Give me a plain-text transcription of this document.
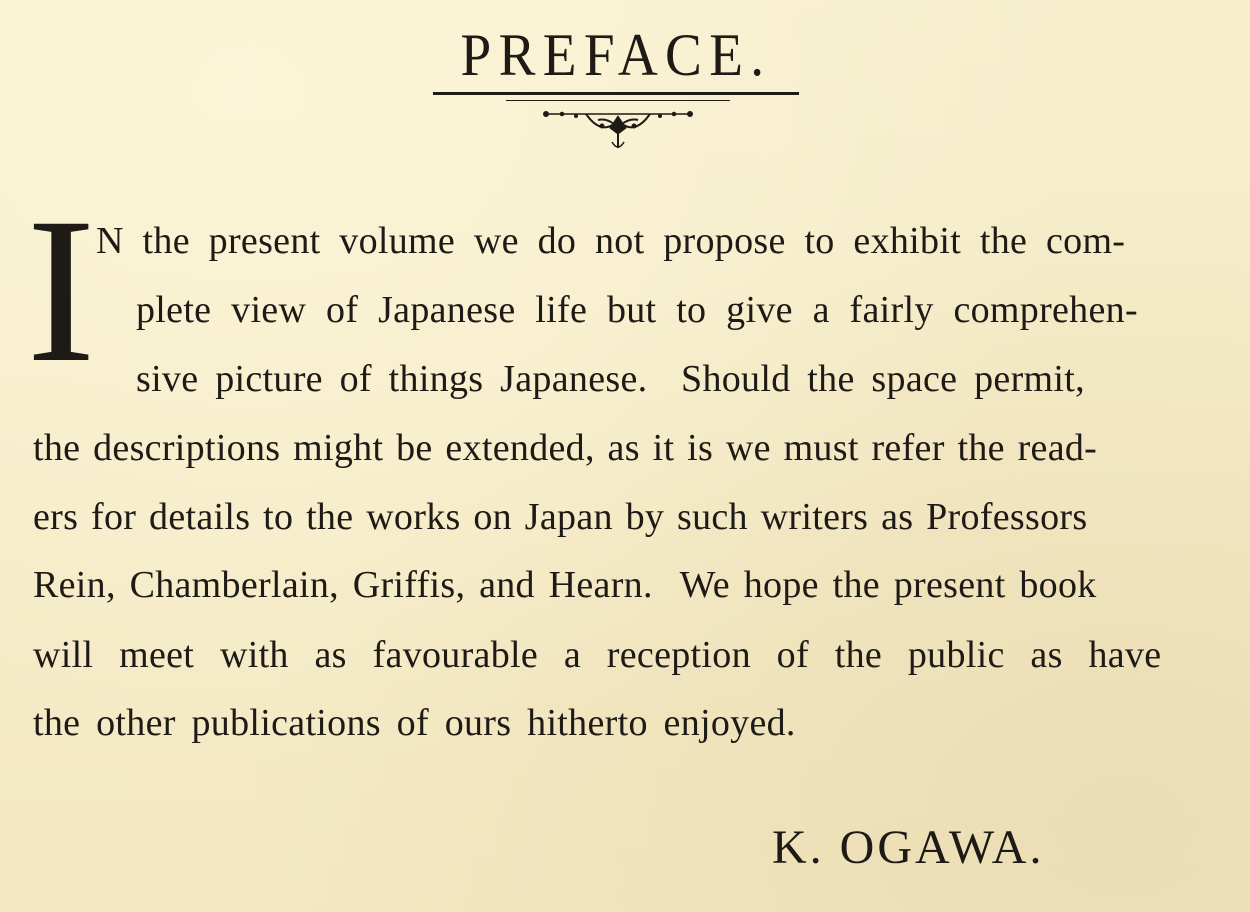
PREFACE.
I N the present volume we do not propose to exhibit the com-
plete view of Japanese life but to give a fairly comprehen-
sive picture of things Japanese.  Should the space permit,
the descriptions might be extended, as it is we must refer the read-
ers for details to the works on Japan by such writers as Professors
Rein, Chamberlain, Griffis, and Hearn.  We hope the present book
will meet with as favourable a reception of the public as have
the other publications of ours hitherto enjoyed.
K. OGAWA.
